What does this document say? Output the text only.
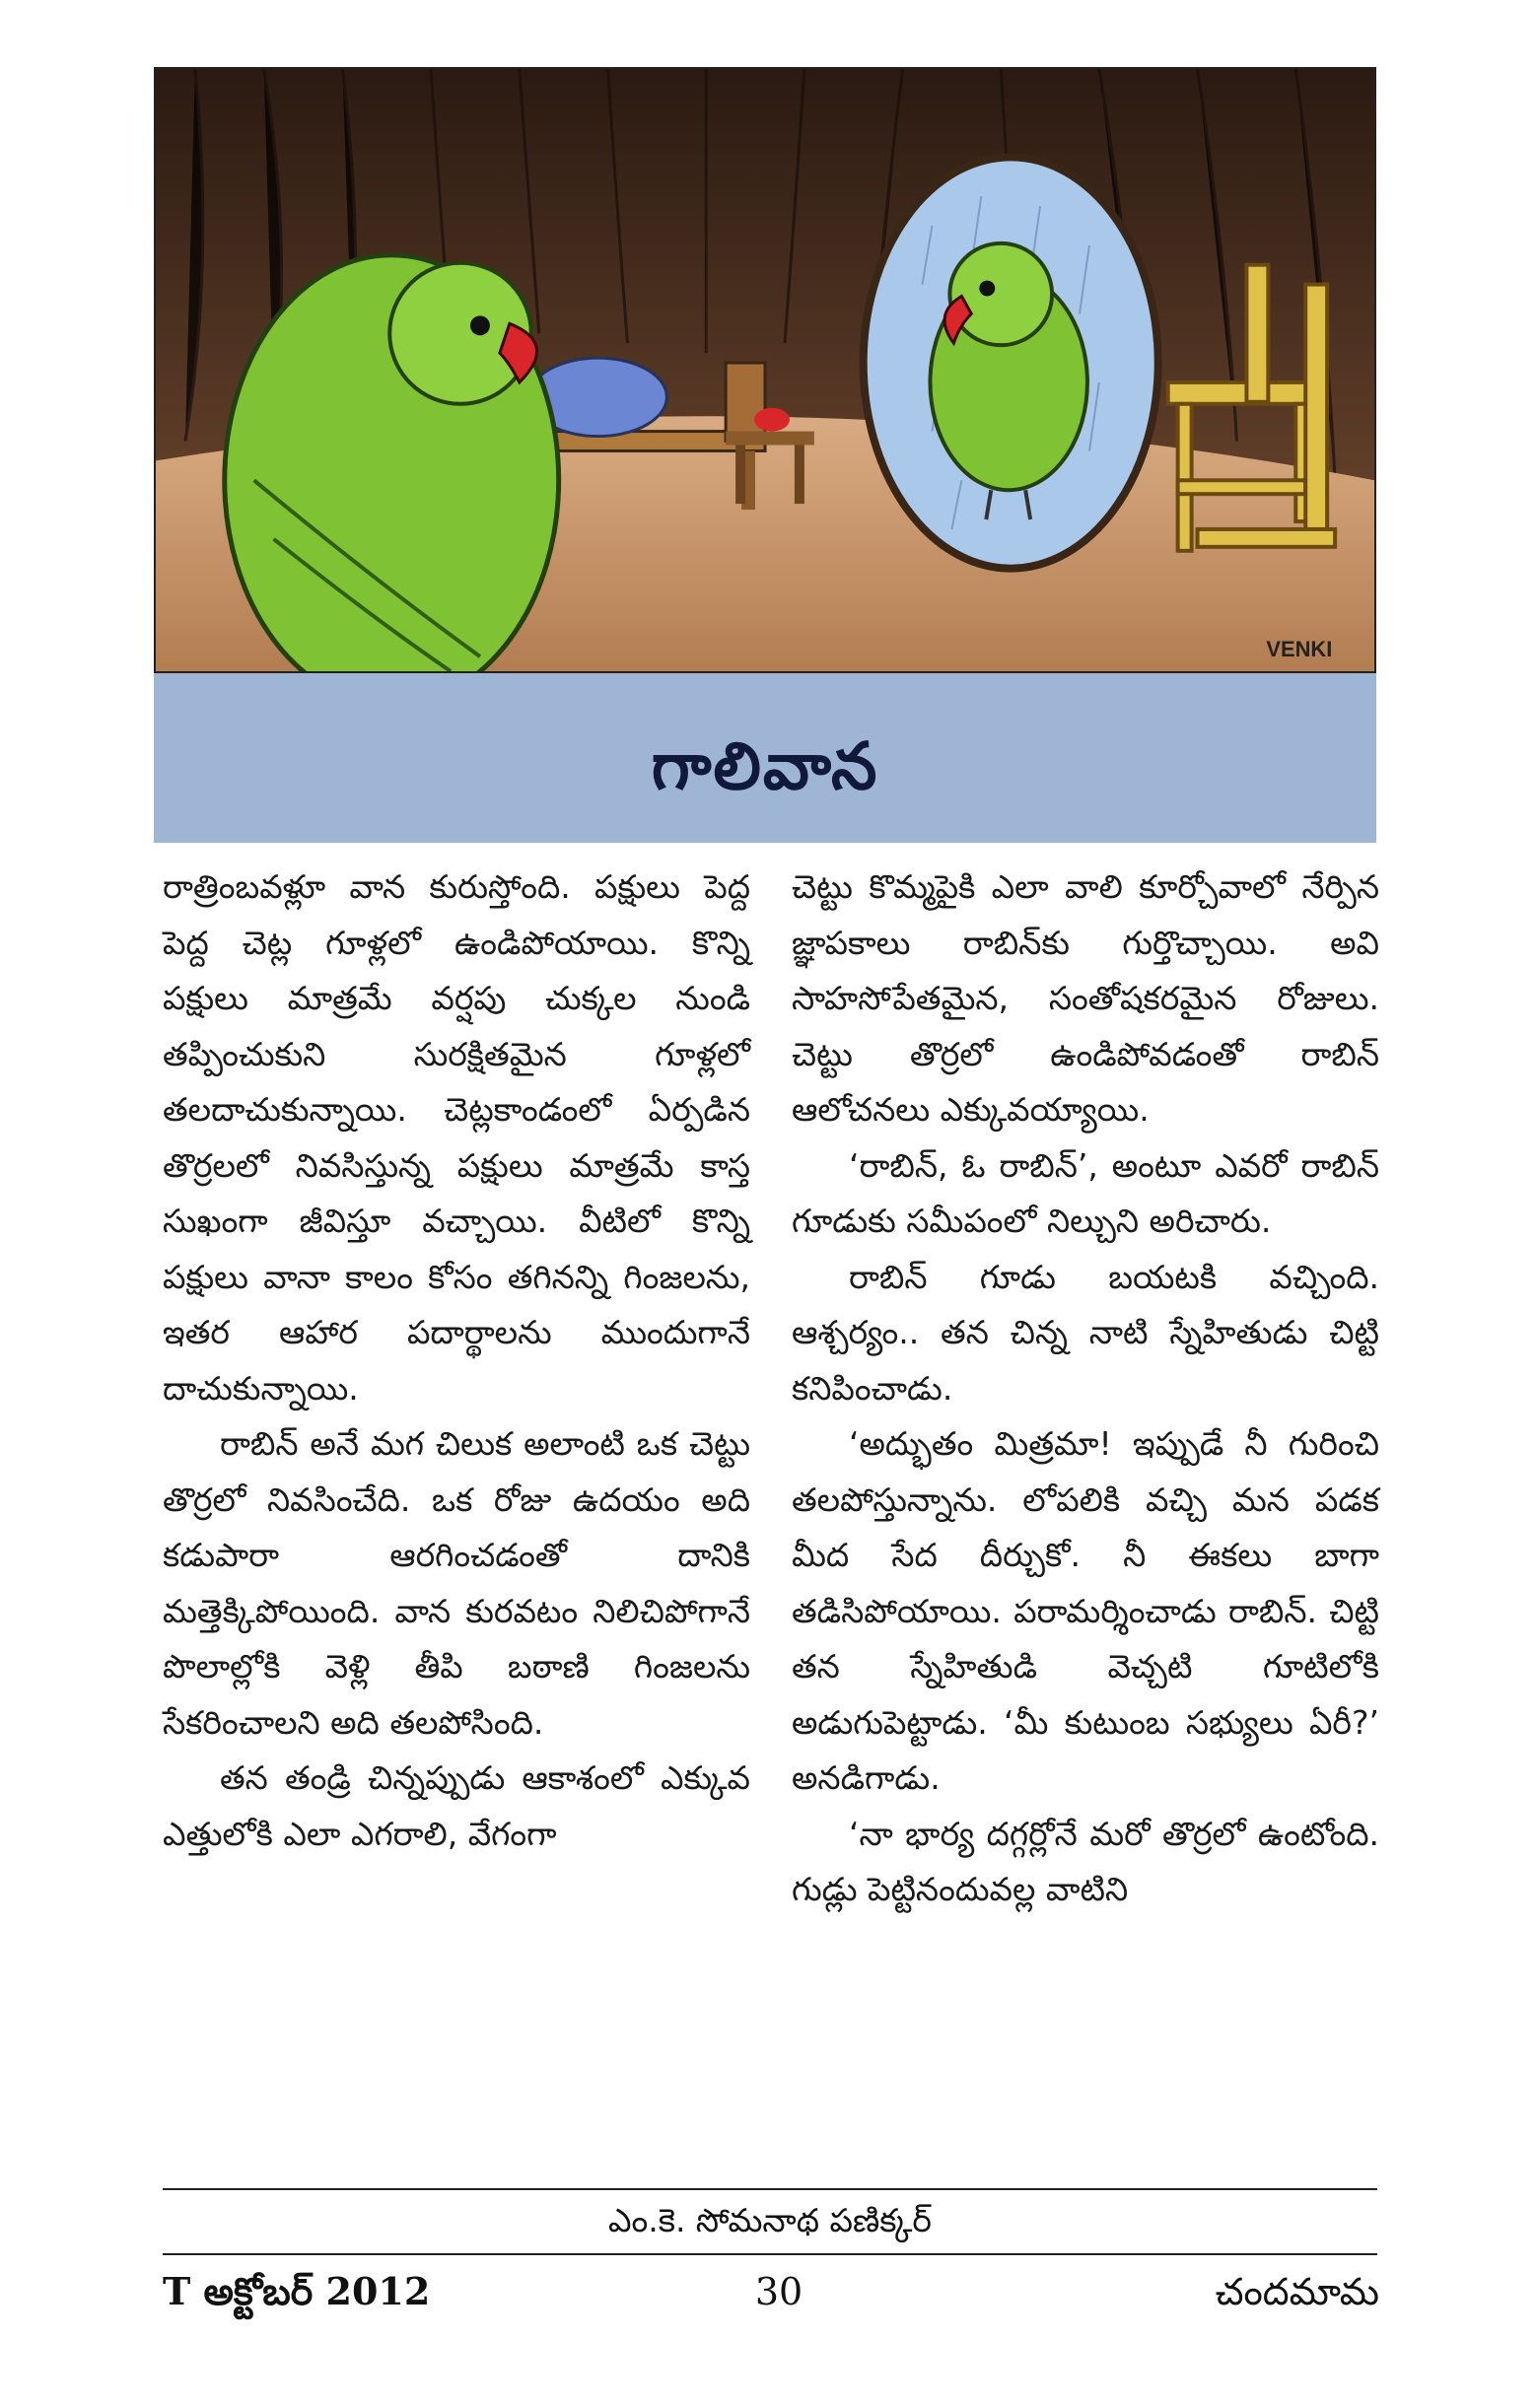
VENKI
గాలివాన

రాత్రింబవళ్లూ వాన కురుస్తోంది. పక్షులు పెద్ద పెద్ద చెట్ల గూళ్లలో ఉండిపోయాయి. కొన్ని పక్షులు మాత్రమే వర్షపు చుక్కల నుండి తప్పించుకుని సురక్షితమైన గూళ్లలో తలదాచుకున్నాయి. చెట్లకాండంలో ఏర్పడిన తొర్రలలో నివసిస్తున్న పక్షులు మాత్రమే కాస్త సుఖంగా జీవిస్తూ వచ్చాయి. వీటిలో కొన్ని పక్షులు వానా కాలం కోసం తగినన్ని గింజలను, ఇతర ఆహార పదార్థాలను ముందుగానే దాచుకున్నాయి.

రాబిన్ అనే మగ చిలుక అలాంటి ఒక చెట్టు తొర్రలో నివసించేది. ఒక రోజు ఉదయం అది కడుపారా ఆరగించడంతో దానికి మత్తెక్కిపోయింది. వాన కురవటం నిలిచిపోగానే పొలాల్లోకి వెళ్లి తీపి బఠాణి గింజలను సేకరించాలని అది తలపోసింది.

తన తండ్రి చిన్నప్పుడు ఆకాశంలో ఎక్కువ ఎత్తులోకి ఎలా ఎగరాలి, వేగంగా

చెట్టు కొమ్మపైకి ఎలా వాలి కూర్చోవాలో నేర్పిన జ్ఞాపకాలు రాబిన్‌కు గుర్తొచ్చాయి. అవి సాహసోపేతమైన, సంతోషకరమైన రోజులు. చెట్టు తొర్రలో ఉండిపోవడంతో రాబిన్ ఆలోచనలు ఎక్కువయ్యాయి.

‘రాబిన్, ఓ రాబిన్’, అంటూ ఎవరో రాబిన్ గూడుకు సమీపంలో నిల్చుని అరిచారు.

రాబిన్ గూడు బయటకి వచ్చింది. ఆశ్చర్యం.. తన చిన్న నాటి స్నేహితుడు చిట్టి కనిపించాడు.

‘అద్భుతం మిత్రమా! ఇప్పుడే నీ గురించి తలపోస్తున్నాను. లోపలికి వచ్చి మన పడక మీద సేద దీర్చుకో. నీ ఈకలు బాగా తడిసిపోయాయి. పరామర్శించాడు రాబిన్. చిట్టి తన స్నేహితుడి వెచ్చటి గూటిలోకి అడుగుపెట్టాడు. ‘మీ కుటుంబ సభ్యులు ఏరీ?’ అనడిగాడు.

‘నా భార్య దగ్గర్లోనే మరో తొర్రలో ఉంటోంది. గుడ్లు పెట్టినందువల్ల వాటిని

ఎం.కె. సోమనాథ పణిక్కర్
T అక్టోబర్ 2012	30	చందమామ
